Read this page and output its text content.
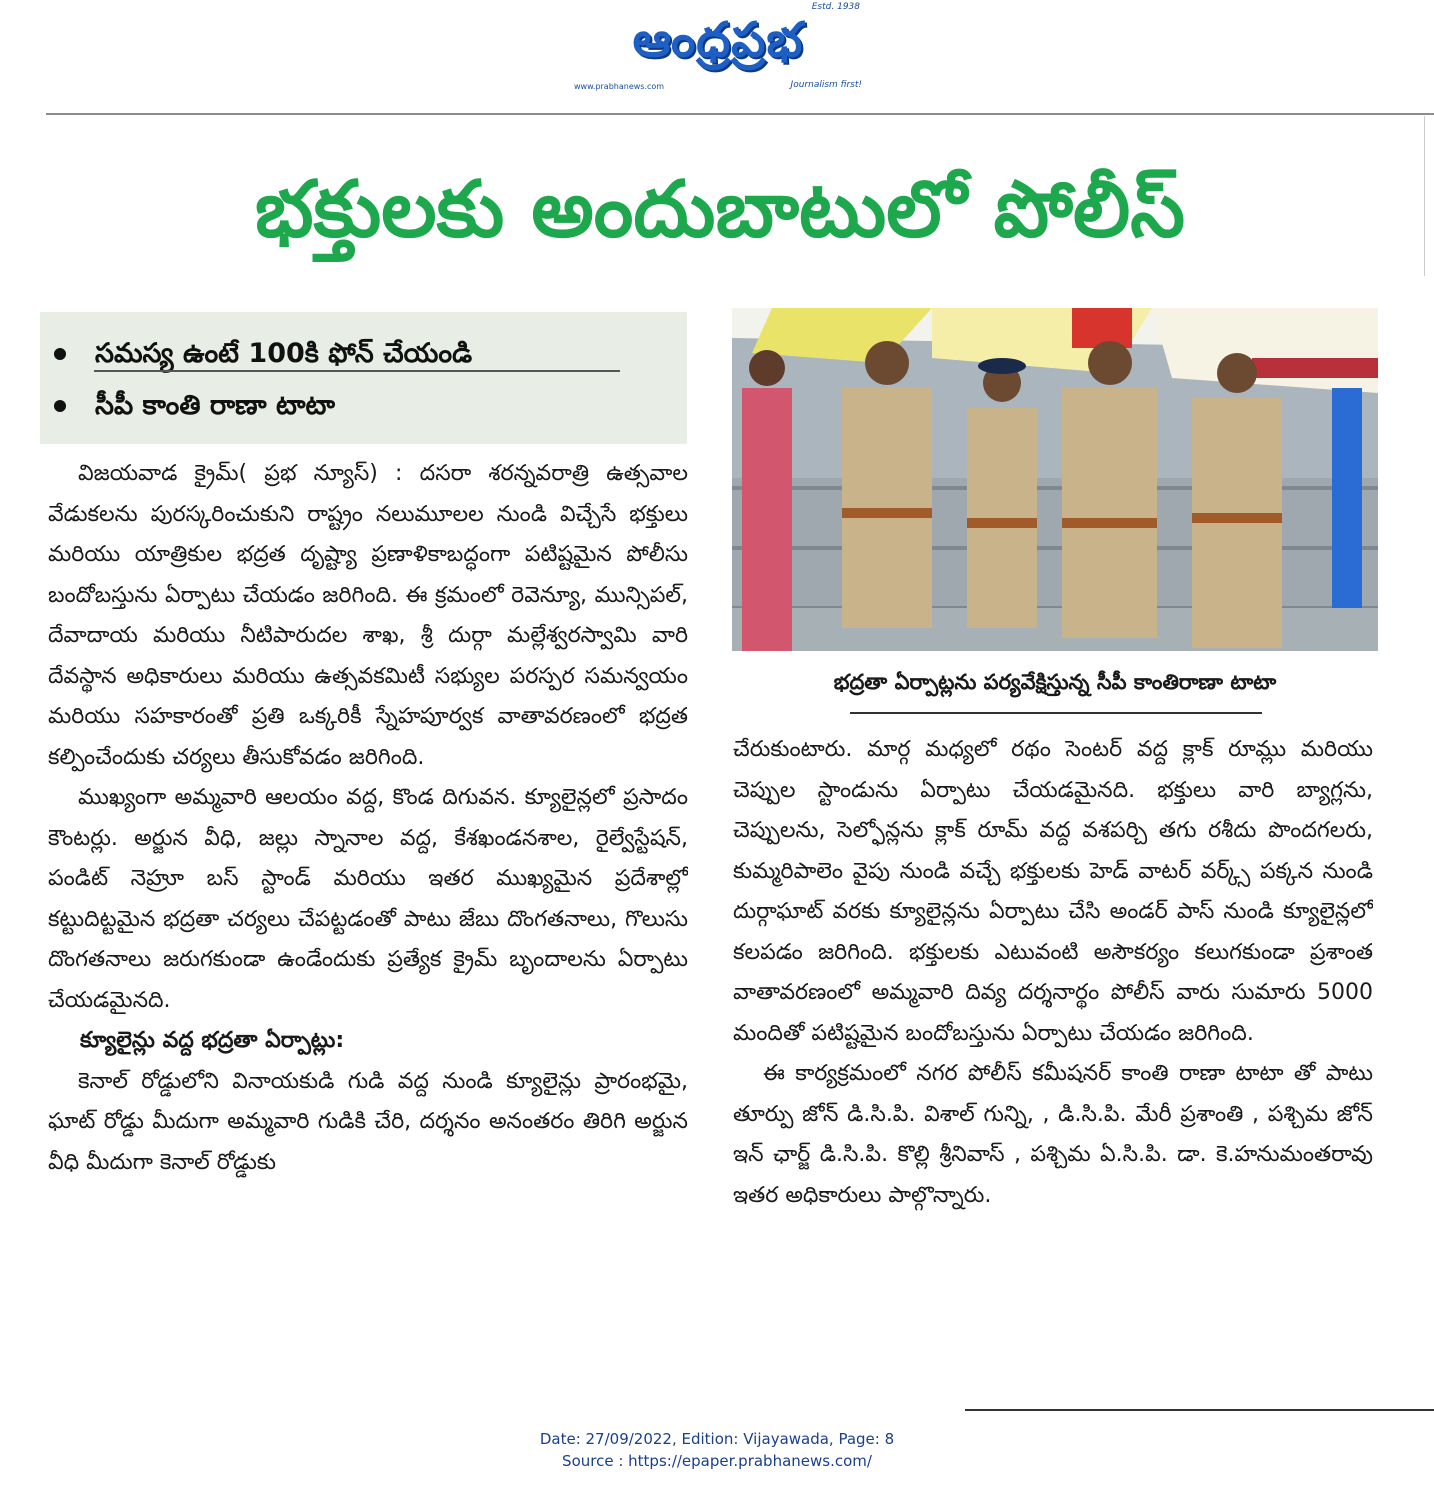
Estd. 1938
ఆంధ్రప్రభ
www.prabhanews.com	Journalism first!
భక్తులకు అందుబాటులో పోలీస్
సమస్య ఉంటే 100కి ఫోన్ చేయండి
సీపీ కాంతి రాణా టాటా

విజయవాడ క్రైమ్( ప్రభ న్యూస్) : దసరా శరన్నవరాత్రి ఉత్సవాల వేడుకలను పురస్కరించుకుని రాష్ట్రం నలుమూలల నుండి విచ్చేసే భక్తులు మరియు యాత్రికుల భద్రత దృష్ట్యా ప్రణాళికాబద్ధంగా పటిష్టమైన పోలీసు బందోబస్తును ఏర్పాటు చేయడం జరిగింది. ఈ క్రమంలో రెవెన్యూ, మున్సిపల్, దేవాదాయ మరియు నీటిపారుదల శాఖ, శ్రీ దుర్గా మల్లేశ్వరస్వామి వారి దేవస్థాన అధికారులు మరియు ఉత్సవకమిటీ సభ్యుల పరస్పర సమన్వయం మరియు సహకారంతో ప్రతి ఒక్కరికీ స్నేహపూర్వక వాతావరణంలో భద్రత కల్పించేందుకు చర్యలు తీసుకోవడం జరిగింది.

ముఖ్యంగా అమ్మవారి ఆలయం వద్ద, కొండ దిగువన. క్యూలైన్లలో ప్రసాదం కౌంటర్లు. అర్జున వీధి, జల్లు స్నానాల వద్ద, కేశఖండనశాల, రైల్వేస్టేషన్, పండిట్ నెహ్రూ బస్ స్టాండ్ మరియు ఇతర ముఖ్యమైన ప్రదేశాల్లో కట్టుదిట్టమైన భద్రతా చర్యలు చేపట్టడంతో పాటు జేబు దొంగతనాలు, గొలుసు దొంగతనాలు జరుగకుండా ఉండేందుకు ప్రత్యేక క్రైమ్ బృందాలను ఏర్పాటు చేయడమైనది.

క్యూలైన్లు వద్ద భద్రతా ఏర్పాట్లు:

కెనాల్ రోడ్డులోని వినాయకుడి గుడి వద్ద నుండి క్యూలైన్లు ప్రారంభమై, ఘాట్ రోడ్డు మీదుగా అమ్మవారి గుడికి చేరి, దర్శనం అనంతరం తిరిగి అర్జున వీధి మీదుగా కెనాల్ రోడ్డుకు

భద్రతా ఏర్పాట్లను పర్యవేక్షిస్తున్న సీపీ కాంతిరాణా టాటా

చేరుకుంటారు. మార్గ మధ్యలో రథం సెంటర్ వద్ద క్లాక్ రూమ్లు మరియు చెప్పుల స్టాండును ఏర్పాటు చేయడమైనది. భక్తులు వారి బ్యాగ్లను, చెప్పులను, సెల్ఫోన్లను క్లాక్ రూమ్ వద్ద వశపర్చి తగు రశీదు పొందగలరు, కుమ్మరిపాలెం వైపు నుండి వచ్చే భక్తులకు హెడ్ వాటర్ వర్క్స్ పక్కన నుండి దుర్గాఘాట్ వరకు క్యూలైన్లను ఏర్పాటు చేసి అండర్ పాస్ నుండి క్యూలైన్లలో కలపడం జరిగింది. భక్తులకు ఎటువంటి అసౌకర్యం కలుగకుండా ప్రశాంత వాతావరణంలో అమ్మవారి దివ్య దర్శనార్థం పోలీస్ వారు సుమారు 5000 మందితో పటిష్టమైన బందోబస్తును ఏర్పాటు చేయడం జరిగింది.

ఈ కార్యక్రమంలో నగర పోలీస్ కమీషనర్ కాంతి రాణా టాటా తో పాటు తూర్పు జోన్ డి.సి.పి. విశాల్ గున్ని, , డి.సి.పి. మేరీ ప్రశాంతి , పశ్చిమ జోన్ ఇన్ ఛార్జ్ డి.సి.పి. కొల్లి శ్రీనివాస్ , పశ్చిమ ఏ.సి.పి. డా. కె.హనుమంతరావు ఇతర అధికారులు పాల్గొన్నారు.

Date: 27/09/2022, Edition: Vijayawada, Page: 8
Source : https://epaper.prabhanews.com/
